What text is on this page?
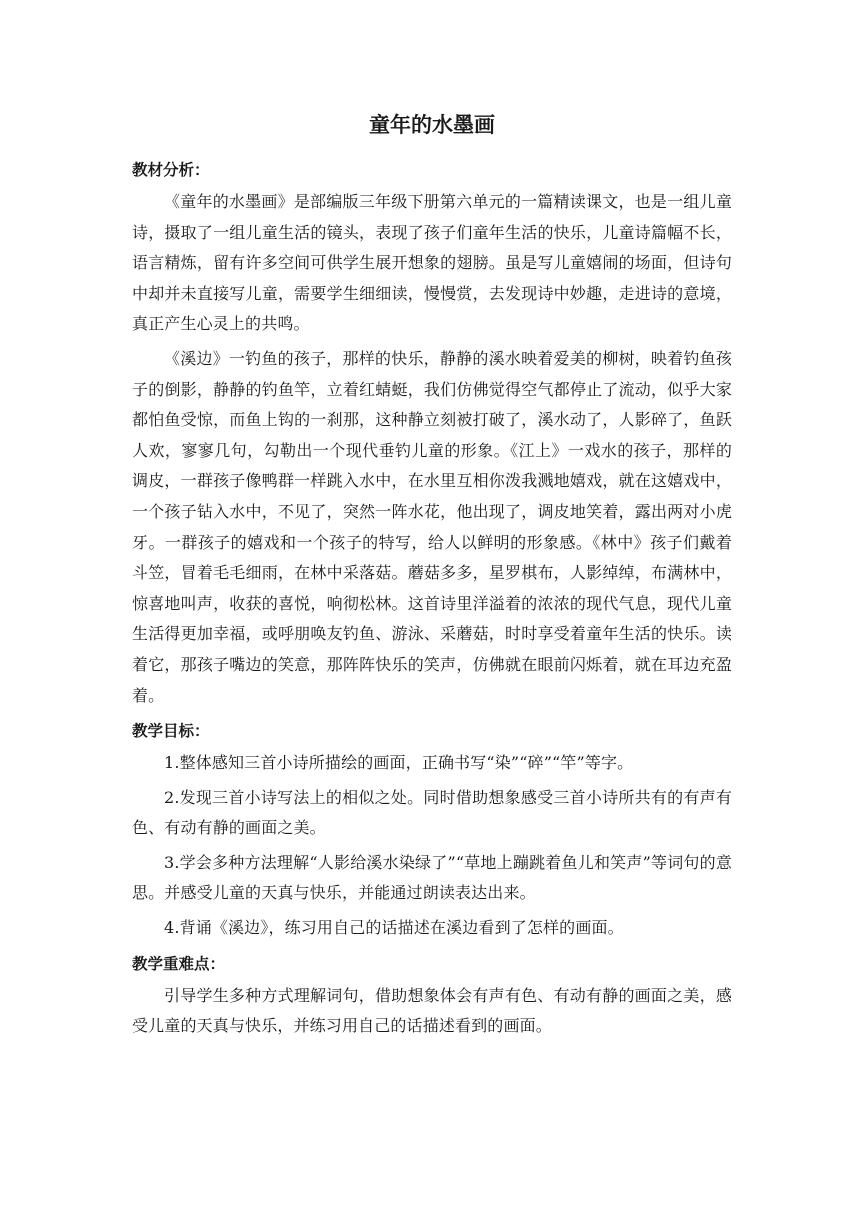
童年的水墨画
教材分析：

《童年的水墨画》是部编版三年级下册第六单元的一篇精读课文，也是一组儿童诗，摄取了一组儿童生活的镜头，表现了孩子们童年生活的快乐，儿童诗篇幅不长，语言精炼，留有许多空间可供学生展开想象的翅膀。虽是写儿童嬉闹的场面，但诗句中却并未直接写儿童，需要学生细细读，慢慢赏，去发现诗中妙趣，走进诗的意境，真正产生心灵上的共鸣。

《溪边》一钓鱼的孩子，那样的快乐，静静的溪水映着爱美的柳树，映着钓鱼孩子的倒影，静静的钓鱼竿，立着红蜻蜓，我们仿佛觉得空气都停止了流动，似乎大家都怕鱼受惊，而鱼上钩的一刹那，这种静立刻被打破了，溪水动了，人影碎了，鱼跃人欢，寥寥几句，勾勒出一个现代垂钓儿童的形象。《江上》一戏水的孩子，那样的调皮，一群孩子像鸭群一样跳入水中，在水里互相你泼我溅地嬉戏，就在这嬉戏中，一个孩子钻入水中，不见了，突然一阵水花，他出现了，调皮地笑着，露出两对小虎牙。一群孩子的嬉戏和一个孩子的特写，给人以鲜明的形象感。《林中》孩子们戴着斗笠，冒着毛毛细雨，在林中采落菇。蘑菇多多，星罗棋布，人影绰绰，布满林中，惊喜地叫声，收获的喜悦，响彻松林。这首诗里洋溢着的浓浓的现代气息，现代儿童生活得更加幸福，或呼朋唤友钓鱼、游泳、采蘑菇，时时享受着童年生活的快乐。读着它，那孩子嘴边的笑意，那阵阵快乐的笑声，仿佛就在眼前闪烁着，就在耳边充盈着。

教学目标：

1.整体感知三首小诗所描绘的画面，正确书写“染”“碎”“竿”等字。

2.发现三首小诗写法上的相似之处。同时借助想象感受三首小诗所共有的有声有色、有动有静的画面之美。

3.学会多种方法理解“人影给溪水染绿了”“草地上蹦跳着鱼儿和笑声”等词句的意思。并感受儿童的天真与快乐，并能通过朗读表达出来。

4.背诵《溪边》，练习用自己的话描述在溪边看到了怎样的画面。

教学重难点：

引导学生多种方式理解词句，借助想象体会有声有色、有动有静的画面之美，感受儿童的天真与快乐，并练习用自己的话描述看到的画面。
